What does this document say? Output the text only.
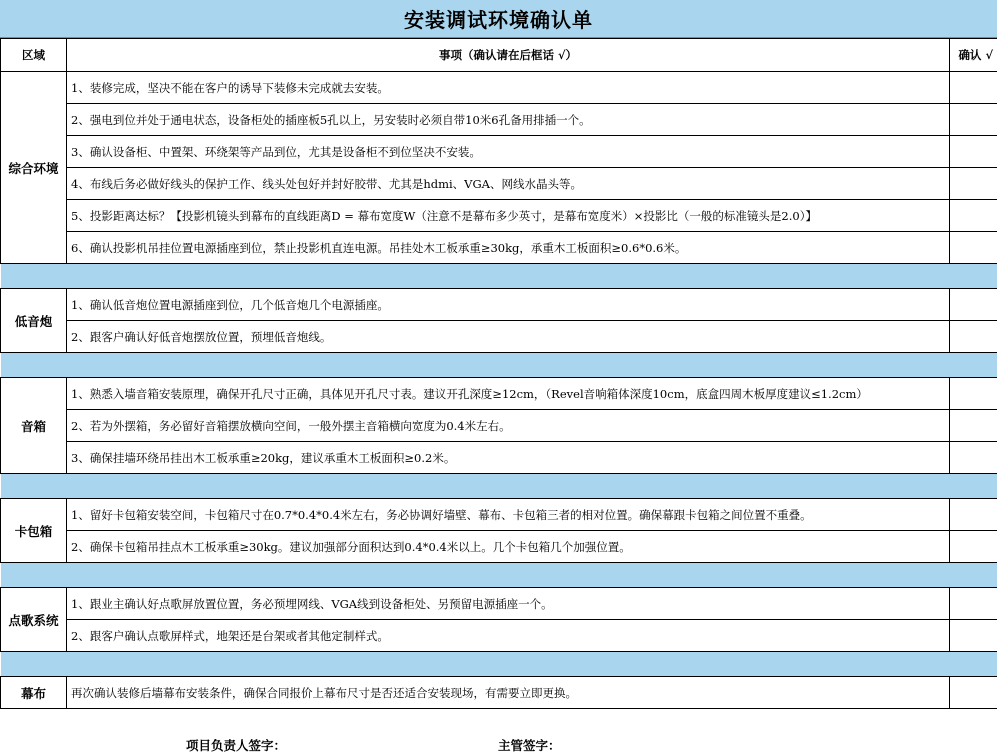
安装调试环境确认单
区域	事项（确认请在后框话 √）	确认 √
综合环境	1、装修完成，坚决不能在客户的诱导下装修未完成就去安装。	
	2、强电到位并处于通电状态，设备柜处的插座板5孔以上，另安装时必须自带10米6孔备用排插一个。	
	3、确认设备柜、中置架、环绕架等产品到位，尤其是设备柜不到位坚决不安装。	
	4、布线后务必做好线头的保护工作、线头处包好并封好胶带、尤其是hdmi、VGA、网线水晶头等。	
	5、投影距离达标？【投影机镜头到幕布的直线距离D = 幕布宽度W（注意不是幕布多少英寸，是幕布宽度米）×投影比（一般的标准镜头是2.0）】	
	6、确认投影机吊挂位置电源插座到位，禁止投影机直连电源。吊挂处木工板承重≥30kg，承重木工板面积≥0.6*0.6米。	

低音炮	1、确认低音炮位置电源插座到位，几个低音炮几个电源插座。	
	2、跟客户确认好低音炮摆放位置，预埋低音炮线。	

音箱	1、熟悉入墙音箱安装原理，确保开孔尺寸正确，具体见开孔尺寸表。建议开孔深度≥12cm，（Revel音响箱体深度10cm，底盒四周木板厚度建议≤1.2cm）	
	2、若为外摆箱，务必留好音箱摆放横向空间，一般外摆主音箱横向宽度为0.4米左右。	
	3、确保挂墙环绕吊挂出木工板承重≥20kg，建议承重木工板面积≥0.2米。	

卡包箱	1、留好卡包箱安装空间，卡包箱尺寸在0.7*0.4*0.4米左右，务必协调好墙壁、幕布、卡包箱三者的相对位置。确保幕跟卡包箱之间位置不重叠。	
	2、确保卡包箱吊挂点木工板承重≥30kg。建议加强部分面积达到0.4*0.4米以上。几个卡包箱几个加强位置。	

点歌系统	1、跟业主确认好点歌屏放置位置，务必预埋网线、VGA线到设备柜处、另预留电源插座一个。	
	2、跟客户确认点歌屏样式，地架还是台架或者其他定制样式。	

幕布	再次确认装修后墙幕布安装条件，确保合同报价上幕布尺寸是否还适合安装现场，有需要立即更换。	
项目负责人签字：	主管签字：
